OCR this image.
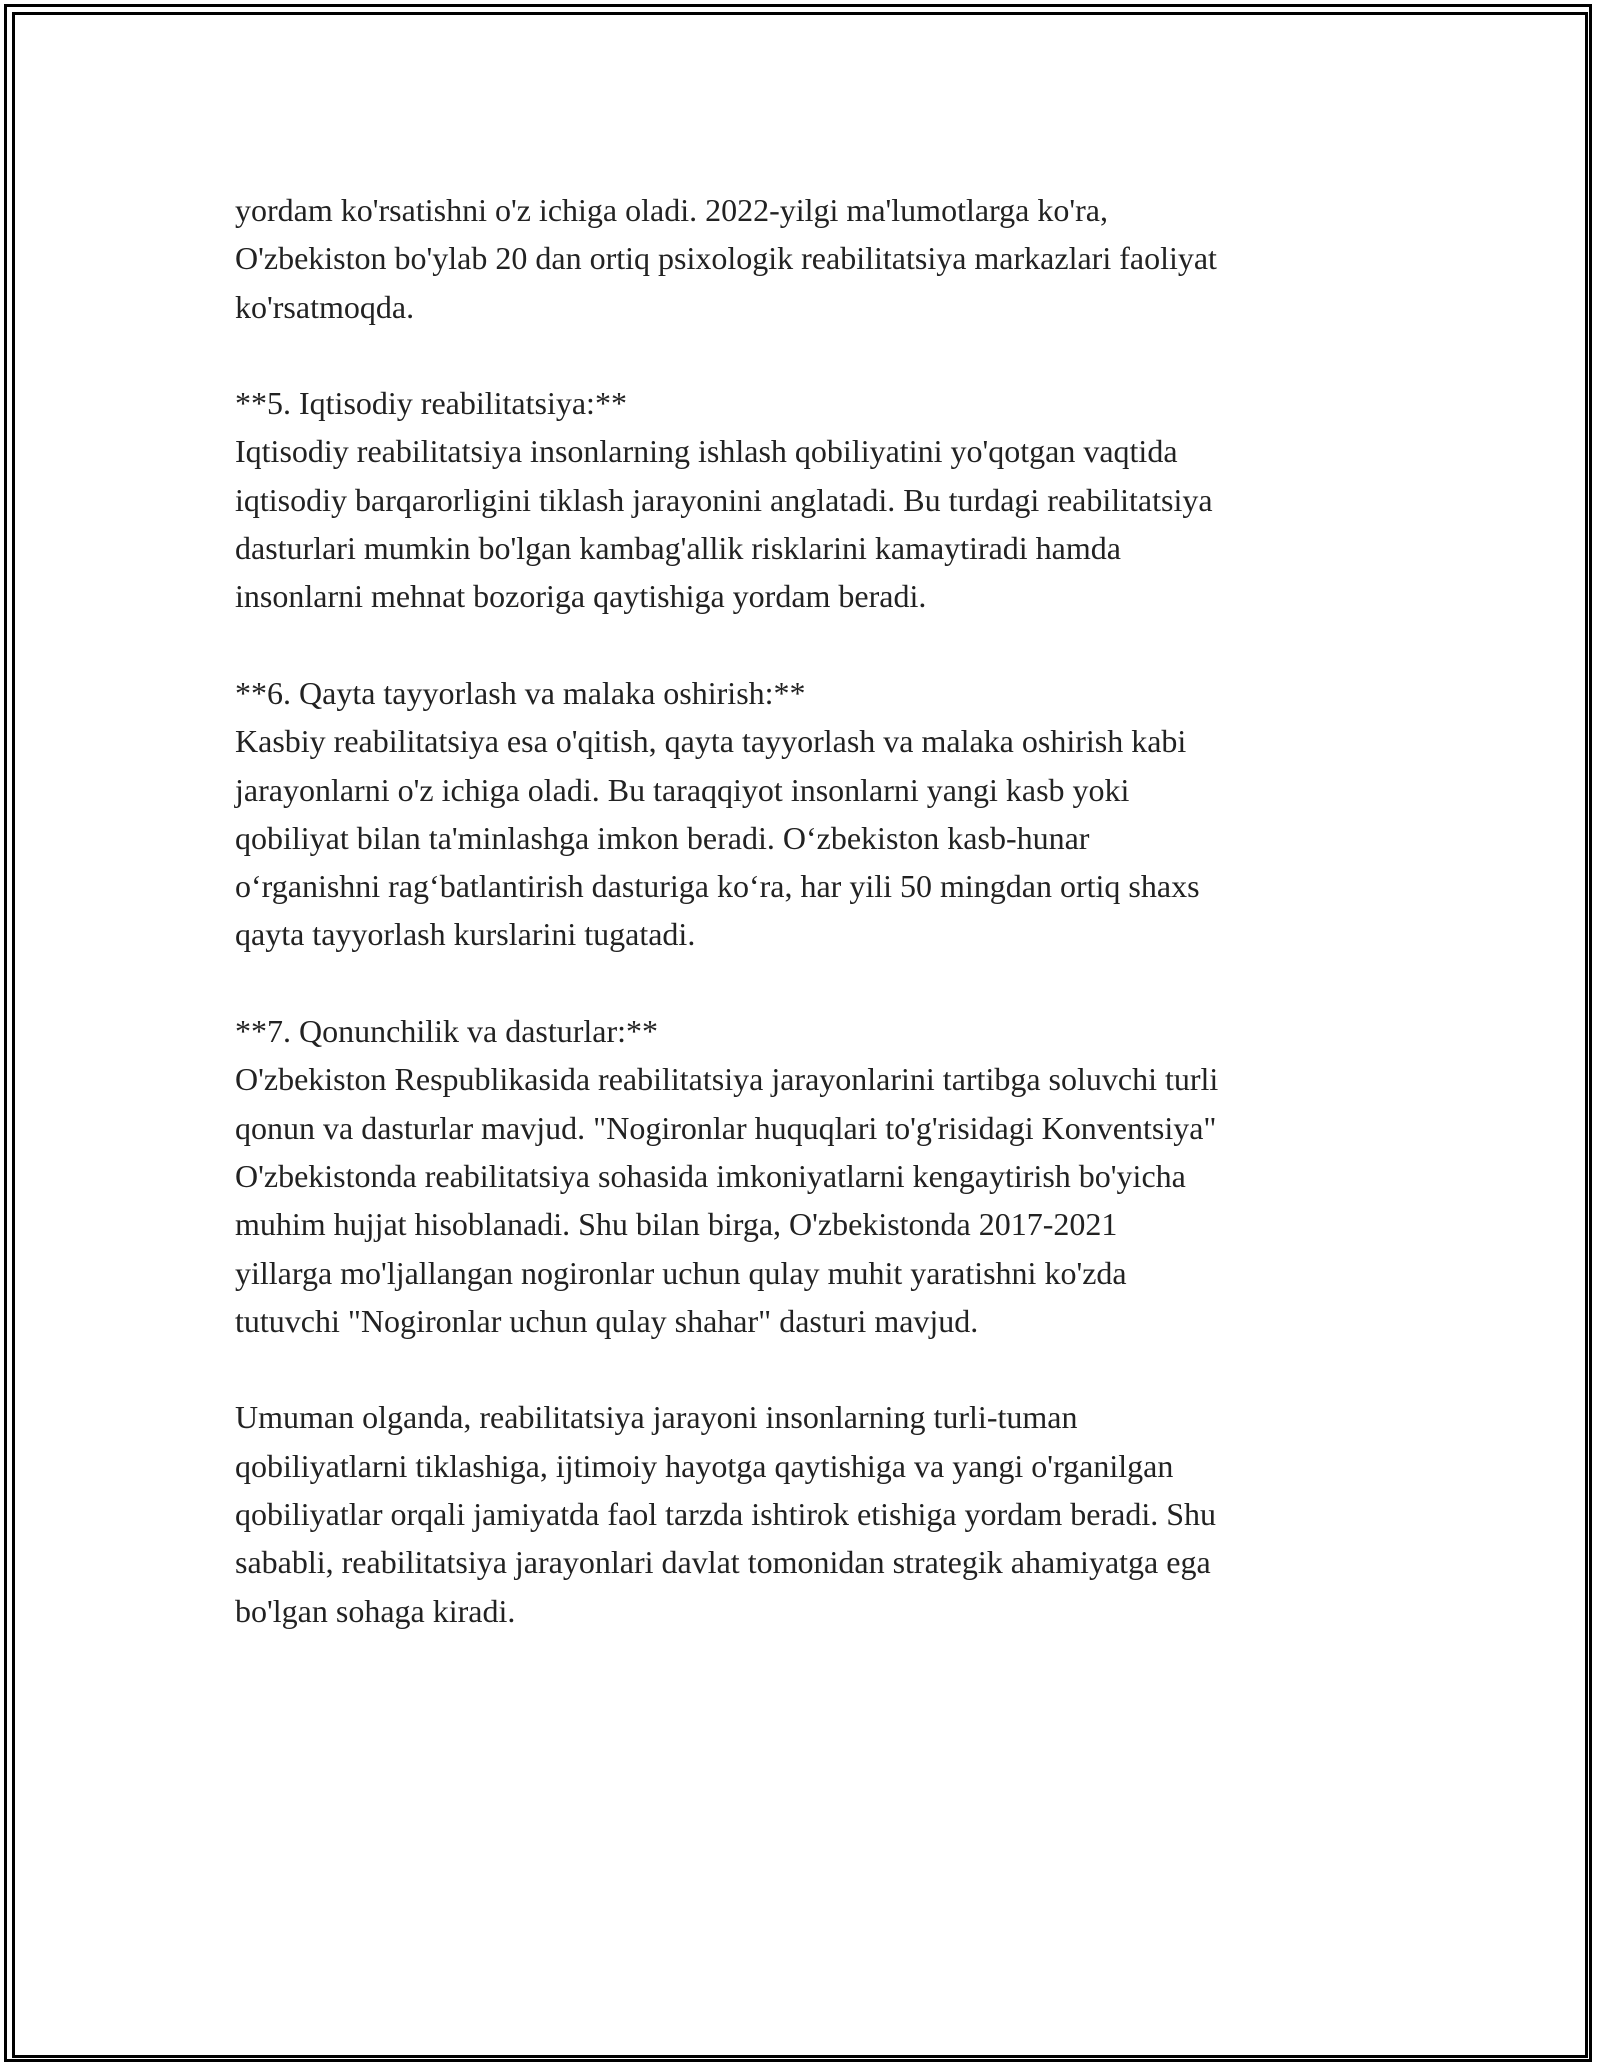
yordam ko'rsatishni o'z ichiga oladi. 2022-yilgi ma'lumotlarga ko'ra,
O'zbekiston bo'ylab 20 dan ortiq psixologik reabilitatsiya markazlari faoliyat
ko'rsatmoqda.
**5. Iqtisodiy reabilitatsiya:**
Iqtisodiy reabilitatsiya insonlarning ishlash qobiliyatini yo'qotgan vaqtida
iqtisodiy barqarorligini tiklash jarayonini anglatadi. Bu turdagi reabilitatsiya
dasturlari mumkin bo'lgan kambag'allik risklarini kamaytiradi hamda
insonlarni mehnat bozoriga qaytishiga yordam beradi.
**6. Qayta tayyorlash va malaka oshirish:**
Kasbiy reabilitatsiya esa o'qitish, qayta tayyorlash va malaka oshirish kabi
jarayonlarni o'z ichiga oladi. Bu taraqqiyot insonlarni yangi kasb yoki
qobiliyat bilan ta'minlashga imkon beradi. O‘zbekiston kasb-hunar
o‘rganishni rag‘batlantirish dasturiga ko‘ra, har yili 50 mingdan ortiq shaxs
qayta tayyorlash kurslarini tugatadi.
**7. Qonunchilik va dasturlar:**
O'zbekiston Respublikasida reabilitatsiya jarayonlarini tartibga soluvchi turli
qonun va dasturlar mavjud. "Nogironlar huquqlari to'g'risidagi Konventsiya"
O'zbekistonda reabilitatsiya sohasida imkoniyatlarni kengaytirish bo'yicha
muhim hujjat hisoblanadi. Shu bilan birga, O'zbekistonda 2017-2021
yillarga mo'ljallangan nogironlar uchun qulay muhit yaratishni ko'zda
tutuvchi "Nogironlar uchun qulay shahar" dasturi mavjud.
Umuman olganda, reabilitatsiya jarayoni insonlarning turli-tuman
qobiliyatlarni tiklashiga, ijtimoiy hayotga qaytishiga va yangi o'rganilgan
qobiliyatlar orqali jamiyatda faol tarzda ishtirok etishiga yordam beradi. Shu
sababli, reabilitatsiya jarayonlari davlat tomonidan strategik ahamiyatga ega
bo'lgan sohaga kiradi.
